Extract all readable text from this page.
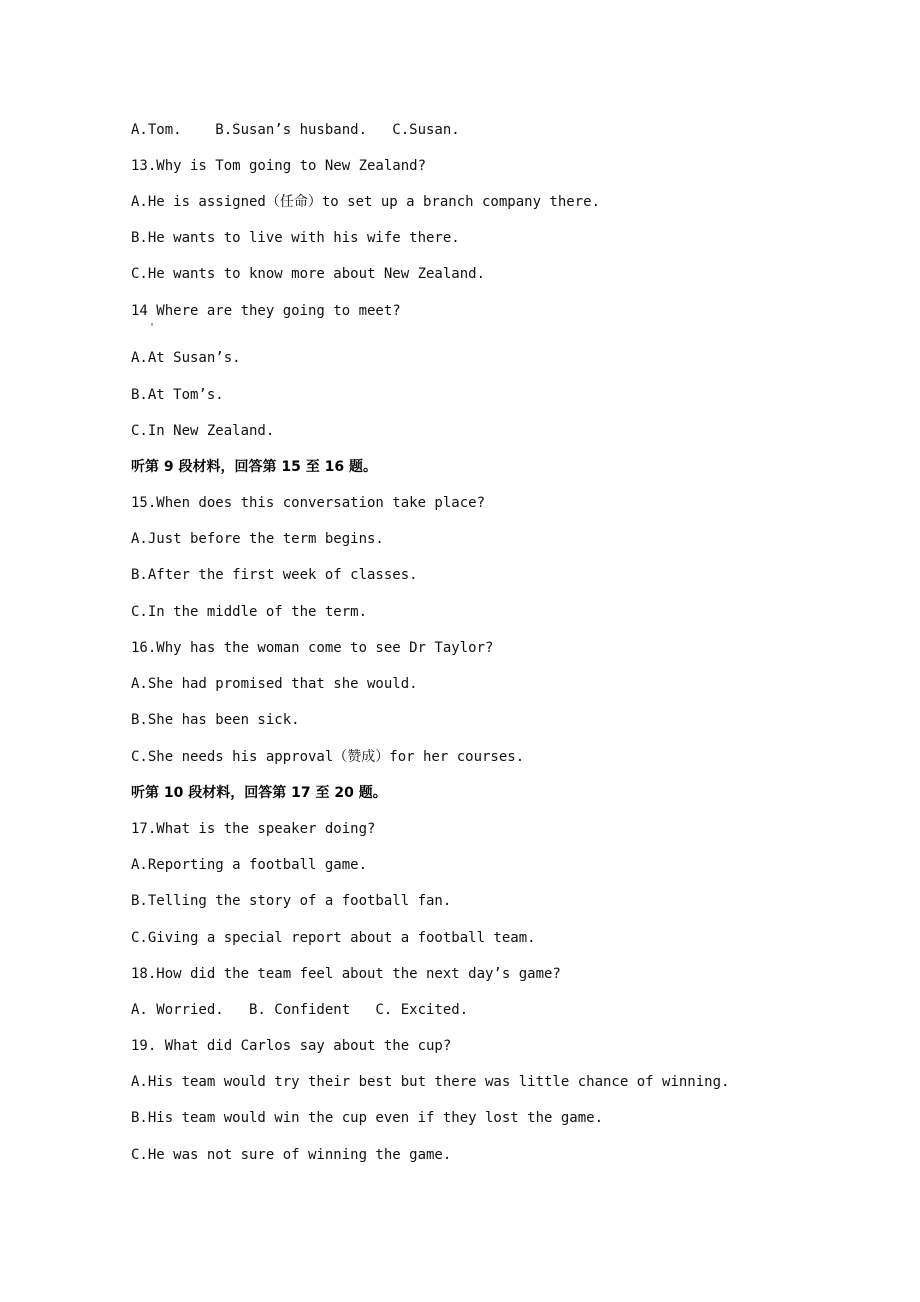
A.Tom.    B.Susan’s husband.   C.Susan.
13.Why is Tom going to New Zealand?
A.He is assigned（任命）to set up a branch company there.
B.He wants to live with his wife there.
C.He wants to know more about New Zealand.
14 Where are they going to meet?
'
A.At Susan’s.
B.At Tom’s.
C.In New Zealand.
听第 9 段材料，回答第 15 至 16 题。
15.When does this conversation take place?
A.Just before the term begins.
B.After the first week of classes.
C.In the middle of the term.
16.Why has the woman come to see Dr Taylor?
A.She had promised that she would.
B.She has been sick.
C.She needs his approval（赞成）for her courses.
听第 10 段材料，回答第 17 至 20 题。
17.What is the speaker doing?
A.Reporting a football game.
B.Telling the story of a football fan.
C.Giving a special report about a football team.
18.How did the team feel about the next day’s game?
A. Worried.   B. Confident   C. Excited.
19. What did Carlos say about the cup?
A.His team would try their best but there was little chance of winning.
B.His team would win the cup even if they lost the game.
C.He was not sure of winning the game.
